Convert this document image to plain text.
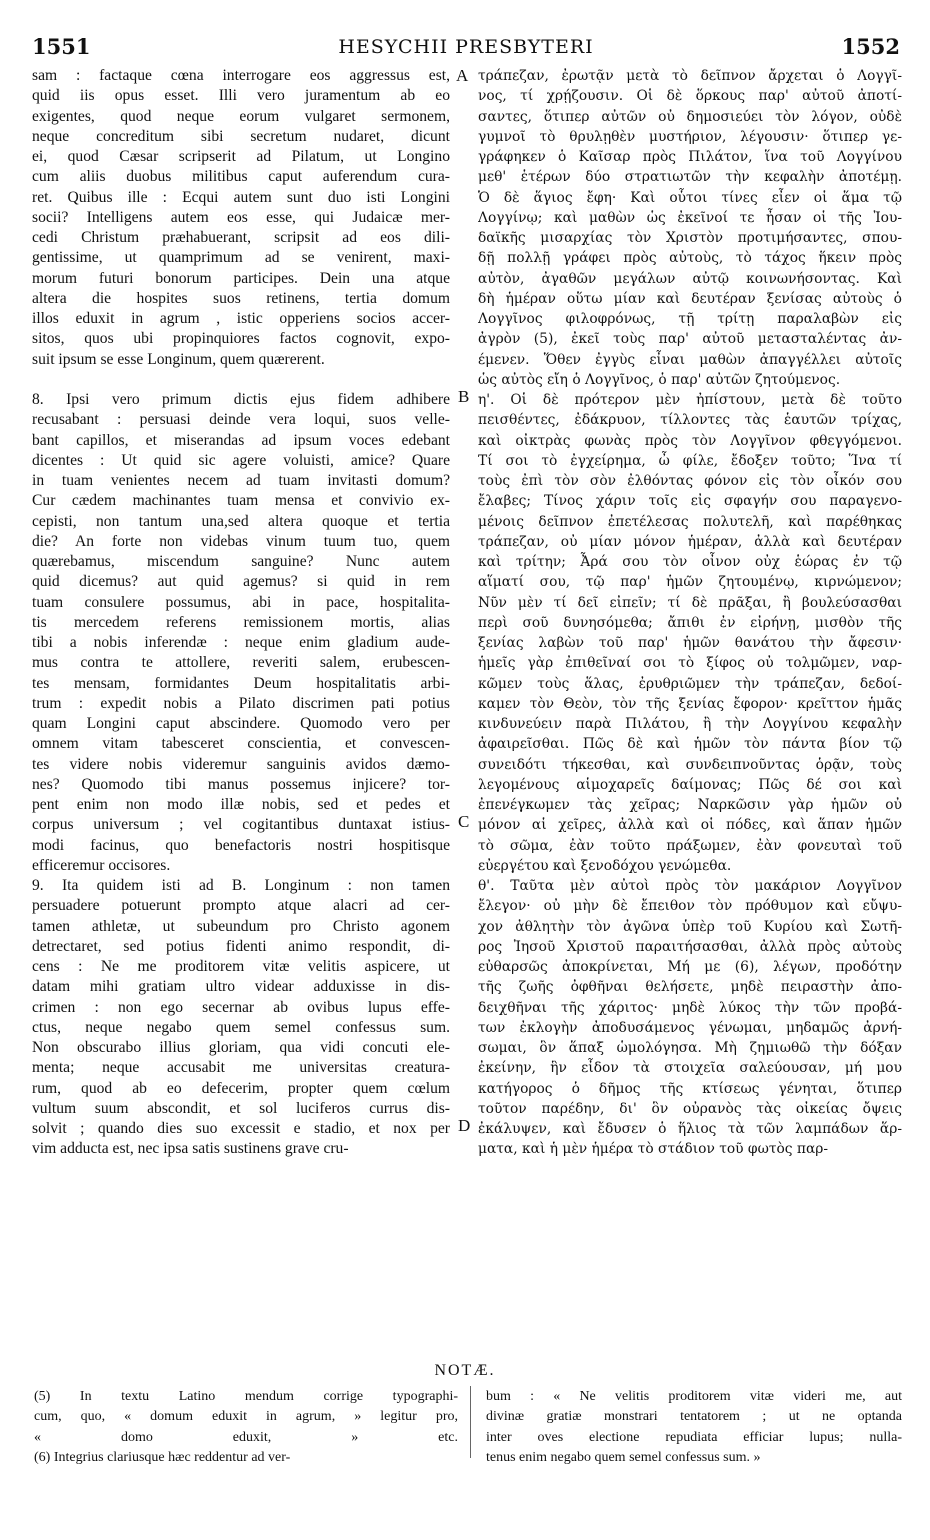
1551	HESYCHII PRESBYTERI	1552
sam : factaque cœna interrogare eos aggressus est,
quid iis opus esset. Illi vero juramentum ab eo
exigentes, quod neque eorum vulgaret sermonem,
neque concreditum sibi secretum nudaret, dicunt
ei, quod Cæsar scripserit ad Pilatum, ut Longino
cum aliis duobus militibus caput auferendum cura-
ret. Quibus ille : Ecqui autem sunt duo isti Longini
socii? Intelligens autem eos esse, qui Judaicæ mer-
cedi Christum præhabuerant, scripsit ad eos dili-
gentissime, ut quamprimum ad se venirent, maxi-
morum futuri bonorum participes. Dein una atque
altera die hospites suos retinens, tertia domum
illos eduxit in agrum , istic opperiens socios accer-
sitos, quos ubi propinquiores factos cognovit, expo-
suit ipsum se esse Longinum, quem quærerent.
8. Ipsi vero primum dictis ejus fidem adhibere
recusabant : persuasi deinde vera loqui, suos velle-
bant capillos, et miserandas ad ipsum voces edebant
dicentes : Ut quid sic agere voluisti, amice? Quare
in tuam venientes necem ad tuam invitasti domum?
Cur cædem machinantes tuam mensa et convivio ex-
cepisti, non tantum una,sed altera quoque et tertia
die? An forte non videbas vinum tuum tuo, quem
quærebamus, miscendum sanguine? Nunc autem
quid dicemus? aut quid agemus? si quid in rem
tuam consulere possumus, abi in pace, hospitalita-
tis mercedem referens remissionem mortis, alias
tibi a nobis inferendæ : neque enim gladium aude-
mus contra te attollere, reveriti salem, erubescen-
tes mensam, formidantes Deum hospitalitatis arbi-
trum : expedit nobis a Pilato discrimen pati potius
quam Longini caput abscindere. Quomodo vero per
omnem vitam tabesceret conscientia, et convescen-
tes videre nobis videremur sanguinis avidos dæmo-
nes? Quomodo tibi manus possemus injicere? tor-
pent enim non modo illæ nobis, sed et pedes et
corpus universum ; vel cogitantibus duntaxat istius-
modi facinus, quo benefactoris nostri hospitisque
efficeremur occisores.
9. Ita quidem isti ad B. Longinum : non tamen
persuadere potuerunt prompto atque alacri ad cer-
tamen athletæ, ut subeundum pro Christo agonem
detrectaret, sed potius fidenti animo respondit, di-
cens : Ne me proditorem vitæ velitis aspicere, ut
datam mihi gratiam ultro videar adduxisse in dis-
crimen : non ego secernar ab ovibus lupus effe-
ctus, neque negabo quem semel confessus sum.
Non obscurabo illius gloriam, qua vidi concuti ele-
menta; neque accusabit me universitas creatura-
rum, quod ab eo defecerim, propter quem cœlum
vultum suum abscondit, et sol luciferos currus dis-
solvit ; quando dies suo excessit e stadio, et nox per
vim adducta est, nec ipsa satis sustinens grave cru-
τράπεζαν, ἐρωτᾷν μετὰ τὸ δεῖπνον ἄρχεται ὁ Λογγῖ-
νος, τί χρῄζουσιν. Οἱ δὲ ὅρκους παρ' αὐτοῦ ἀποτί-
σαντες, ὅτιπερ αὐτῶν οὐ δημοσιεύει τὸν λόγον, οὐδὲ
γυμνοῖ τὸ θρυλῃθὲν μυστήριον, λέγουσιν· ὅτιπερ γε-
γράφηκεν ὁ Καῖσαρ πρὸς Πιλάτον, ἵνα τοῦ Λογγίνου
μεθ' ἑτέρων δύο στρατιωτῶν τὴν κεφαλὴν ἀποτέμῃ.
Ὁ δὲ ἅγιος ἔφη· Καὶ οὗτοι τίνες εἶεν οἱ ἅμα τῷ
Λογγίνῳ; καὶ μαθὼν ὡς ἐκεῖνοί τε ἦσαν οἱ τῆς Ἰου-
δαϊκῆς μισαρχίας τὸν Χριστὸν προτιμήσαντες, σπου-
δῇ πολλῇ γράφει πρὸς αὐτοὺς, τὸ τάχος ἥκειν πρὸς
αὐτὸν, ἀγαθῶν μεγάλων αὐτῷ κοινωνήσοντας. Καὶ
δὴ ἡμέραν οὕτω μίαν καὶ δευτέραν ξενίσας αὐτοὺς ὁ
Λογγῖνος φιλοφρόνως, τῇ τρίτῃ παραλαβὼν εἰς
ἀγρὸν (5), ἐκεῖ τοὺς παρ' αὐτοῦ μετασταλέντας ἀν-
έμενεν. Ὅθεν ἐγγὺς εἶναι μαθὼν ἀπαγγέλλει αὐτοῖς
ὡς αὐτὸς εἴη ὁ Λογγῖνος, ὁ παρ' αὐτῶν ζητούμενος.
η'. Οἱ δὲ πρότερον μὲν ἠπίστουν, μετὰ δὲ τοῦτο
πεισθέντες, ἐδάκρυον, τίλλοντες τὰς ἑαυτῶν τρίχας,
καὶ οἰκτρὰς φωνὰς πρὸς τὸν Λογγῖνον φθεγγόμενοι.
Τί σοι τὸ ἐγχείρημα, ὦ φίλε, ἔδοξεν τοῦτο; Ἵνα τί
τοὺς ἐπὶ τὸν σὸν ἐλθόντας φόνον εἰς τὸν οἶκόν σου
ἔλαβες; Τίνος χάριν τοῖς εἰς σφαγήν σου παραγενο-
μένοις δεῖπνον ἐπετέλεσας πολυτελῆ, καὶ παρέθηκας
τράπεζαν, οὐ μίαν μόνον ἡμέραν, ἀλλὰ καὶ δευτέραν
καὶ τρίτην; Ἆρά σου τὸν οἶνον οὐχ ἑώρας ἐν τῷ
αἵματί σου, τῷ παρ' ἡμῶν ζητουμένῳ, κιρνώμενον;
Νῦν μὲν τί δεῖ εἰπεῖν; τί δὲ πρᾶξαι, ἢ βουλεύσασθαι
περὶ σοῦ δυνησόμεθα; ἄπιθι ἐν εἰρήνῃ, μισθὸν τῆς
ξενίας λαβὼν τοῦ παρ' ἡμῶν θανάτου τὴν ἄφεσιν·
ἡμεῖς γὰρ ἐπιθεῖναί σοι τὸ ξίφος οὐ τολμῶμεν, ναρ-
κῶμεν τοὺς ἅλας, ἐρυθριῶμεν τὴν τράπεζαν, δεδοί-
καμεν τὸν Θεὸν, τὸν τῆς ξενίας ἔφορον· κρεῖττον ἡμᾶς
κινδυνεύειν παρὰ Πιλάτου, ἢ τὴν Λογγίνου κεφαλὴν
ἀφαιρεῖσθαι. Πῶς δὲ καὶ ἡμῶν τὸν πάντα βίον τῷ
συνειδότι τήκεσθαι, καὶ συνδειπνοῦντας ὁρᾷν, τοὺς
λεγομένους αἱμοχαρεῖς δαίμονας; Πῶς δέ σοι καὶ
ἐπενέγκωμεν τὰς χεῖρας; Ναρκῶσιν γὰρ ἡμῶν οὐ
μόνον αἱ χεῖρες, ἀλλὰ καὶ οἱ πόδες, καὶ ἅπαν ἡμῶν
τὸ σῶμα, ἐὰν τοῦτο πράξωμεν, ἐὰν φονευταὶ τοῦ
εὐεργέτου καὶ ξενοδόχου γενώμεθα.
θ'. Ταῦτα μὲν αὐτοὶ πρὸς τὸν μακάριον Λογγῖνον
ἔλεγον· οὐ μὴν δὲ ἔπειθον τὸν πρόθυμον καὶ εὔψυ-
χον ἀθλητὴν τὸν ἀγῶνα ὑπὲρ τοῦ Κυρίου καὶ Σωτῆ-
ρος Ἰησοῦ Χριστοῦ παραιτήσασθαι, ἀλλὰ πρὸς αὐτοὺς
εὐθαρσῶς ἀποκρίνεται, Μή με (6), λέγων, προδότην
τῆς ζωῆς ὀφθῆναι θελήσετε, μηδὲ πειραστὴν ἀπο-
δειχθῆναι τῆς χάριτος· μηδὲ λύκος τὴν τῶν προβά-
των ἐκλογὴν ἀποδυσάμενος γένωμαι, μηδαμῶς ἀρνή-
σωμαι, ὃν ἅπαξ ὡμολόγησα. Μὴ ζημιωθῶ τὴν δόξαν
ἐκείνην, ἣν εἶδον τὰ στοιχεῖα σαλεύουσαν, μή μου
κατήγορος ὁ δῆμος τῆς κτίσεως γένηται, ὅτιπερ
τοῦτον παρέδην, δι' ὃν οὐρανὸς τὰς οἰκείας ὄψεις
ἐκάλυψεν, καὶ ἔδυσεν ὁ ἥλιος τὰ τῶν λαμπάδων ἅρ-
ματα, καὶ ἡ μὲν ἡμέρα τὸ στάδιον τοῦ φωτὸς παρ-
A
B
C
D
NOTÆ.
(5) In textu Latino mendum corrige typographi-
cum, quo, « domum eduxit in agrum, » legitur pro,
« domo eduxit, » etc.
(6) Integrius clariusque hæc reddentur ad ver-
bum : « Ne velitis proditorem vitæ videri me, aut
divinæ gratiæ monstrari tentatorem ; ut ne optanda
inter oves electione repudiata efficiar lupus; nulla-
tenus enim negabo quem semel confessus sum. »
